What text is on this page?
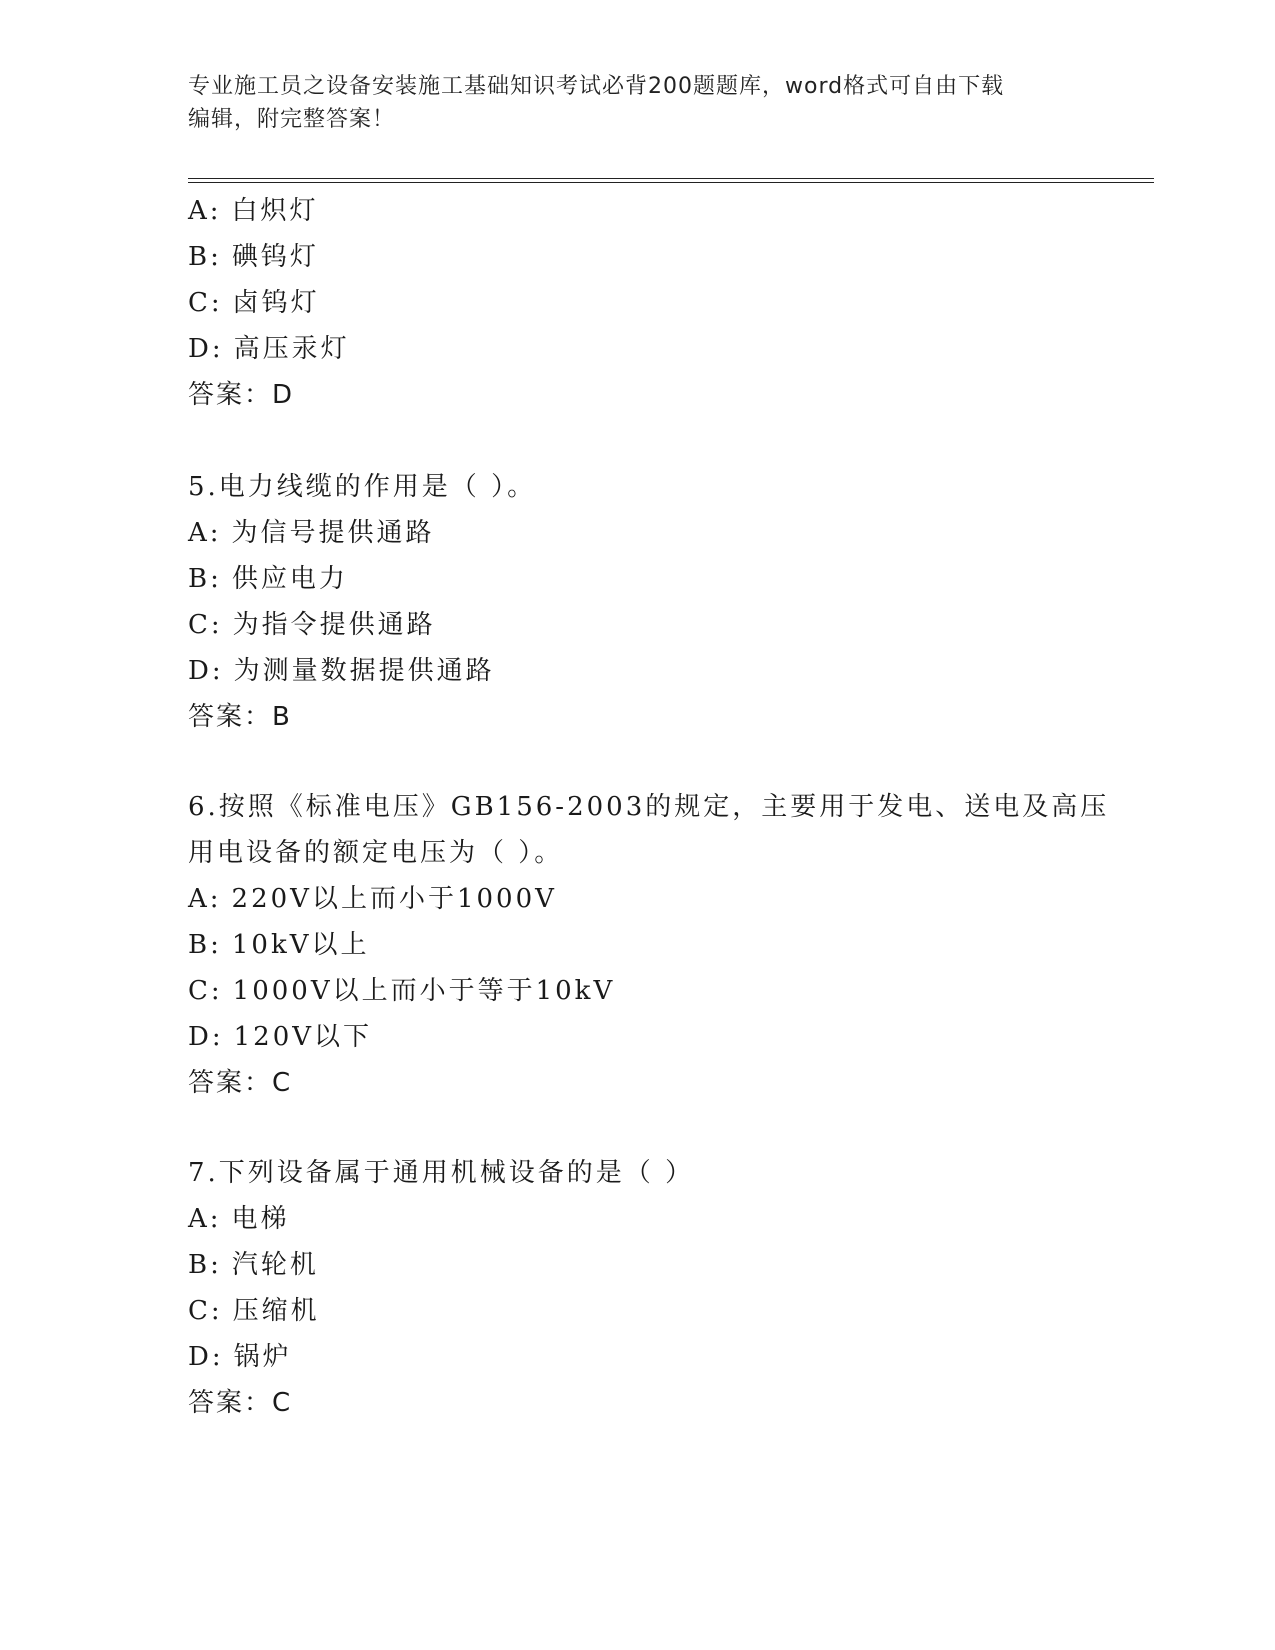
专业施工员之设备安装施工基础知识考试必背200题题库，word格式可自由下载
编辑，附完整答案！
A: 白炽灯
B: 碘钨灯
C: 卤钨灯
D: 高压汞灯
答案：D
5.电力线缆的作用是（ ）。
A: 为信号提供通路
B: 供应电力
C: 为指令提供通路
D: 为测量数据提供通路
答案：B
6.按照《标准电压》GB156-2003的规定，主要用于发电、送电及高压
用电设备的额定电压为（ ）。
A: 220V以上而小于1000V
B: 10kV以上
C: 1000V以上而小于等于10kV
D: 120V以下
答案：C
7.下列设备属于通用机械设备的是（ ）
A: 电梯
B: 汽轮机
C: 压缩机
D: 锅炉
答案：C
